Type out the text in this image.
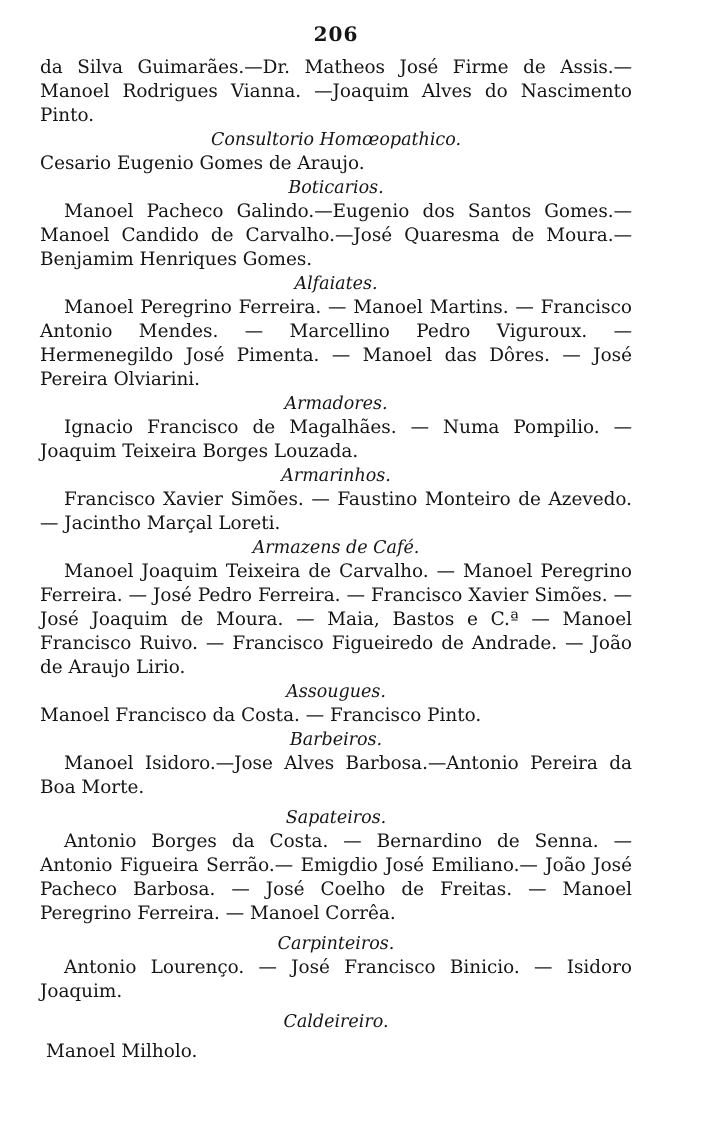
206

da Silva Guimarães.—Dr. Matheos José Firme de Assis.—Manoel Rodrigues Vianna. —Joaquim Alves do Nascimento Pinto.

Consultorio Homœopathico.

Cesario Eugenio Gomes de Araujo.

Boticarios.

Manoel Pacheco Galindo.—Eugenio dos Santos Gomes.—Manoel Candido de Carvalho.—José Quaresma de Moura.—Benjamim Henriques Gomes.

Alfaiates.

Manoel Peregrino Ferreira. — Manoel Martins. — Francisco Antonio Mendes. — Marcellino Pedro Viguroux. — Hermenegildo José Pimenta. — Manoel das Dôres. — José Pereira Olviarini.

Armadores.

Ignacio Francisco de Magalhães. — Numa Pompilio. — Joaquim Teixeira Borges Louzada.

Armarinhos.

Francisco Xavier Simões. — Faustino Monteiro de Azevedo. — Jacintho Marçal Loreti.

Armazens de Café.

Manoel Joaquim Teixeira de Carvalho. — Manoel Peregrino Ferreira. — José Pedro Ferreira. — Francisco Xavier Simões. — José Joaquim de Moura. — Maia, Bastos e C.ª — Manoel Francisco Ruivo. — Francisco Figueiredo de Andrade. — João de Araujo Lirio.

Assougues.

Manoel Francisco da Costa. — Francisco Pinto.

Barbeiros.

Manoel Isidoro.—Jose Alves Barbosa.—Antonio Pereira da Boa Morte.

Sapateiros.

Antonio Borges da Costa. — Bernardino de Senna. — Antonio Figueira Serrão.— Emigdio José Emiliano.— João José Pacheco Barbosa. — José Coelho de Freitas. — Manoel Peregrino Ferreira. — Manoel Corrêa.

Carpinteiros.

Antonio Lourenço. — José Francisco Binicio. — Isidoro Joaquim.

Caldeireiro.

Manoel Milholo.
